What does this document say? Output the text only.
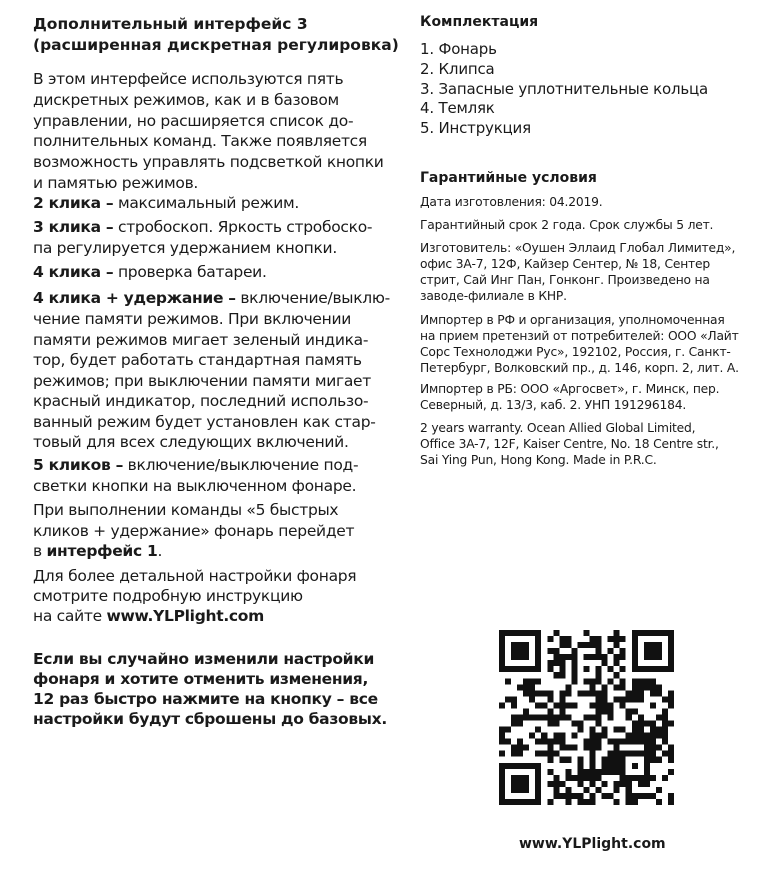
Дополнительный интерфейс 3
(расширенная дискретная регулировка)
В этом интерфейсе используются пять
дискретных режимов, как и в базовом
управлении, но расширяется список до-
полнительных команд. Также появляется
возможность управлять подсветкой кнопки
и памятью режимов.
2 клика – максимальный режим.
3 клика – стробоскоп. Яркость стробоско-
па регулируется удержанием кнопки.
4 клика – проверка батареи.
4 клика + удержание – включение/выклю-
чение памяти режимов. При включении
памяти режимов мигает зеленый индика-
тор, будет работать стандартная память
режимов; при выключении памяти мигает
красный индикатор, последний использо-
ванный режим будет установлен как стар-
товый для всех следующих включений.
5 кликов – включение/выключение под-
светки кнопки на выключенном фонаре.
При выполнении команды «5 быстрых
кликов + удержание» фонарь перейдет
в интерфейс 1.
Для более детальной настройки фонаря
смотрите подробную инструкцию
на сайте www.YLPlight.com
Если вы случайно изменили настройки
фонаря и хотите отменить изменения,
12 раз быстро нажмите на кнопку – все
настройки будут сброшены до базовых.
Комплектация
1. Фонарь
2. Клипса
3. Запасные уплотнительные кольца
4. Темляк
5. Инструкция
Гарантийные условия
Дата изготовления: 04.2019.
Гарантийный срок 2 года. Срок службы 5 лет.
Изготовитель: «Оушен Эллаид Глобал Лимитед»,
офис 3А-7, 12Ф, Кайзер Сентер, № 18, Сентер
стрит, Сай Инг Пан, Гонконг. Произведено на
заводе-филиале в КНР.
Импортер в РФ и организация, уполномоченная
на прием претензий от потребителей: ООО «Лайт
Сорс Технолоджи Рус», 192102, Россия, г. Санкт-
Петербург, Волковский пр., д. 146, корп. 2, лит. А.
Импортер в РБ: ООО «Аргосвет», г. Минск, пер.
Северный, д. 13/3, каб. 2. УНП 191296184.
2 years warranty. Ocean Allied Global Limited,
Office 3A-7, 12F, Kaiser Centre, No. 18 Centre str.,
Sai Ying Pun, Hong Kong. Made in P.R.C.
www.YLPlight.com
